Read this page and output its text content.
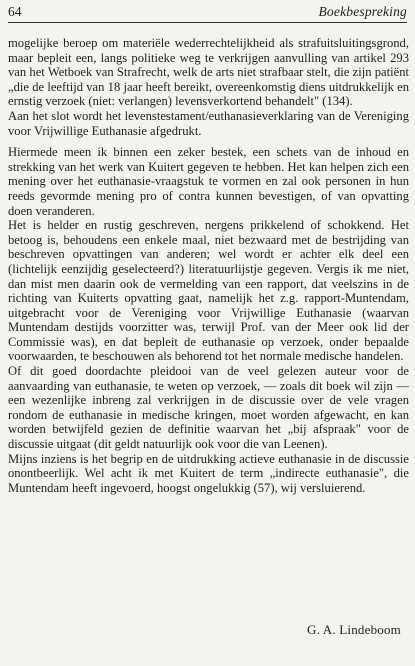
64	Boekbespreking

mogelijke beroep om materiële wederrechtelijkheid als strafuitsluitingsgrond, maar bepleit een, langs politieke weg te verkrijgen aanvulling van artikel 293 van het Wetboek van Strafrecht, welk de arts niet strafbaar stelt, die zijn patiënt „die de leeftijd van 18 jaar heeft bereikt, overeenkomstig diens uitdrukkelijk en ernstig verzoek (niet: verlangen) levensverkortend behandelt" (134).

Aan het slot wordt het levenstestament/euthanasieverklaring van de Vereniging voor Vrijwillige Euthanasie afgedrukt.

Hiermede meen ik binnen een zeker bestek, een schets van de inhoud en strekking van het werk van Kuitert gegeven te hebben. Het kan helpen zich een mening over het euthanasie-vraagstuk te vormen en zal ook personen in hun reeds gevormde mening pro of contra kunnen bevestigen, of van opvatting doen veranderen.

Het is helder en rustig geschreven, nergens prikkelend of schokkend. Het betoog is, behoudens een enkele maal, niet bezwaard met de bestrijding van beschreven opvattingen van anderen; wel wordt er achter elk deel een (lichtelijk eenzijdig geselecteerd?) literatuurlijstje gegeven. Vergis ik me niet, dan mist men daarin ook de vermelding van een rapport, dat veelszins in de richting van Kuiterts opvatting gaat, namelijk het z.g. rapport-Muntendam, uitgebracht voor de Vereniging voor Vrijwillige Euthanasie (waarvan Muntendam destijds voorzitter was, terwijl Prof. van der Meer ook lid der Commissie was), en dat bepleit de euthanasie op verzoek, onder bepaalde voorwaarden, te beschouwen als behorend tot het normale medische handelen.

Of dit goed doordachte pleidooi van de veel gelezen auteur voor de aanvaarding van euthanasie, te weten op verzoek, — zoals dit boek wil zijn — een wezenlijke inbreng zal verkrijgen in de discussie over de vele vragen rondom de euthanasie in medische kringen, moet worden afgewacht, en kan worden betwijfeld gezien de definitie waarvan het „bij afspraak" voor de discussie uitgaat (dit geldt natuurlijk ook voor die van Leenen).

Mijns inziens is het begrip en de uitdrukking actieve euthanasie in de discussie onontbeerlijk. Wel acht ik met Kuitert de term „indirecte euthanasie", die Muntendam heeft ingevoerd, hoogst ongelukkig (57), wij versluierend.

G. A. Lindeboom
